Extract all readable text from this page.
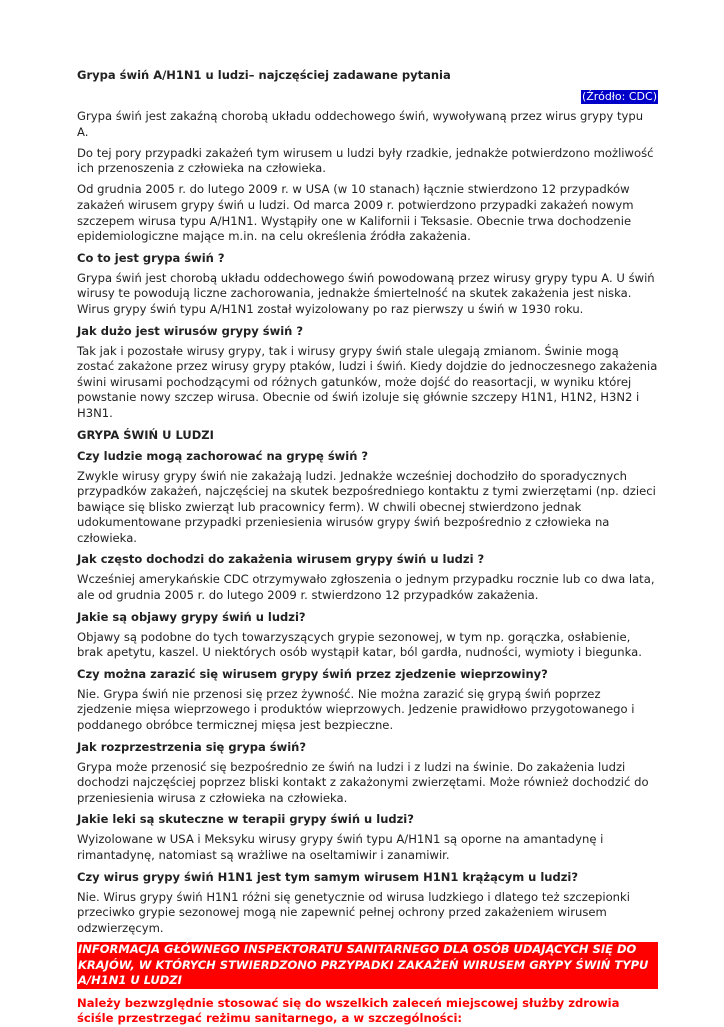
Grypa świń A/H1N1 u ludzi– najczęściej zadawane pytania
(Źródło: CDC)

Grypa świń jest zakaźną chorobą układu oddechowego świń, wywoływaną przez wirus grypy typu A.

Do tej pory przypadki zakażeń tym wirusem u ludzi były rzadkie, jednakże potwierdzono możliwość ich przenoszenia z człowieka na człowieka.

Od grudnia 2005 r. do lutego 2009 r. w USA (w 10 stanach) łącznie stwierdzono 12 przypadków zakażeń wirusem grypy świń u ludzi. Od marca 2009 r. potwierdzono przypadki zakażeń nowym szczepem wirusa typu A/H1N1. Wystąpiły one w Kalifornii i Teksasie. Obecnie trwa dochodzenie epidemiologiczne mające m.in. na celu określenia źródła zakażenia.

Co to jest grypa świń ?

Grypa świń jest chorobą układu oddechowego świń powodowaną przez wirusy grypy typu A. U świń wirusy te powodują liczne zachorowania, jednakże śmiertelność na skutek zakażenia jest niska. Wirus grypy świń typu A/H1N1 został wyizolowany po raz pierwszy u świń w 1930 roku.

Jak dużo jest wirusów grypy świń ?

Tak jak i pozostałe wirusy grypy, tak i wirusy grypy świń stale ulegają zmianom. Świnie mogą zostać zakażone przez wirusy grypy ptaków, ludzi i świń. Kiedy dojdzie do jednoczesnego zakażenia świni wirusami pochodzącymi od różnych gatunków, może dojść do reasortacji, w wyniku której powstanie nowy szczep wirusa. Obecnie od świń izoluje się głównie szczepy H1N1, H1N2, H3N2 i H3N1.

GRYPA ŚWIŃ U LUDZI
Czy ludzie mogą zachorować na grypę świń ?

Zwykle wirusy grypy świń nie zakażają ludzi. Jednakże wcześniej dochodziło do sporadycznych przypadków zakażeń, najczęściej na skutek bezpośredniego kontaktu z tymi zwierzętami (np. dzieci bawiące się blisko zwierząt lub pracownicy ferm). W chwili obecnej stwierdzono jednak udokumentowane przypadki przeniesienia wirusów grypy świń bezpośrednio z człowieka na człowieka.

Jak często dochodzi do zakażenia wirusem grypy świń u ludzi ?

Wcześniej amerykańskie CDC otrzymywało zgłoszenia o jednym przypadku rocznie lub co dwa lata, ale od grudnia 2005 r. do lutego 2009 r. stwierdzono 12 przypadków zakażenia.

Jakie są objawy grypy świń u ludzi?

Objawy są podobne do tych towarzyszących grypie sezonowej, w tym np. gorączka, osłabienie, brak apetytu, kaszel. U niektórych osób wystąpił katar, ból gardła, nudności, wymioty i biegunka.

Czy można zarazić się wirusem grypy świń przez zjedzenie wieprzowiny?

Nie. Grypa świń nie przenosi się przez żywność. Nie można zarazić się grypą świń poprzez zjedzenie mięsa wieprzowego i produktów wieprzowych. Jedzenie prawidłowo przygotowanego i poddanego obróbce termicznej mięsa jest bezpieczne.

Jak rozprzestrzenia się grypa świń?

Grypa może przenosić się bezpośrednio ze świń na ludzi i z ludzi na świnie. Do zakażenia ludzi dochodzi najczęściej poprzez bliski kontakt z zakażonymi zwierzętami. Może również dochodzić do przeniesienia wirusa z człowieka na człowieka.

Jakie leki są skuteczne w terapii grypy świń u ludzi?

Wyizolowane w USA i Meksyku wirusy grypy świń typu A/H1N1 są oporne na amantadynę i rimantadynę, natomiast są wrażliwe na oseltamiwir i zanamiwir.

Czy wirus grypy świń H1N1 jest tym samym wirusem H1N1 krążącym u ludzi?

Nie. Wirus grypy świń H1N1 różni się genetycznie od wirusa ludzkiego i dlatego też szczepionki przeciwko grypie sezonowej mogą nie zapewnić pełnej ochrony przed zakażeniem wirusem odzwierzęcym.

INFORMACJA GŁÓWNEGO INSPEKTORATU SANITARNEGO DLA OSÓB UDAJĄCYCH SIĘ DO KRAJÓW, W KTÓRYCH STWIERDZONO PRZYPADKI ZAKAŻEŃ WIRUSEM GRYPY ŚWIŃ TYPU A/H1N1 U LUDZI
Należy bezwzględnie stosować się do wszelkich zaleceń miejscowej służby zdrowia ściśle przestrzegać reżimu sanitarnego, a w szczególności:
